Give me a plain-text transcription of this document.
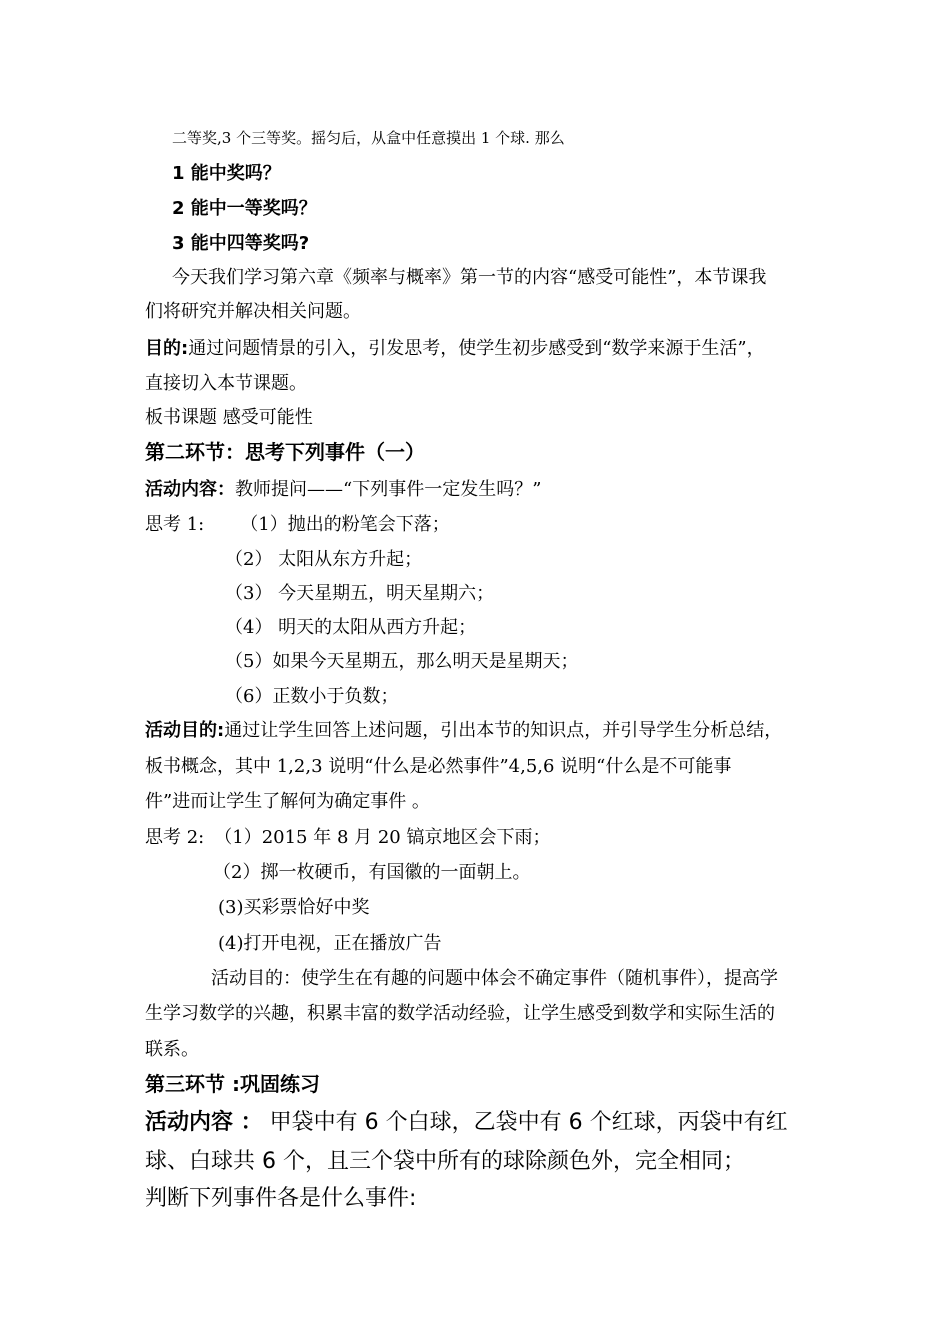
二等奖,3 个三等奖。摇匀后，从盒中任意摸出 1 个球. 那么
1 能中奖吗？
2 能中一等奖吗？
3 能中四等奖吗?
今天我们学习第六章《频率与概率》第一节的内容“感受可能性”，本节课我
们将研究并解决相关问题。
目的:通过问题情景的引入，引发思考，使学生初步感受到“数学来源于生活”，
直接切入本节课题。
板书课题 感受可能性
第二环节：思考下列事件（一）
活动内容：教师提问——“下列事件一定发生吗？”
思考 1: （1）抛出的粉笔会下落；
（2） 太阳从东方升起；
（3） 今天星期五，明天星期六；
（4） 明天的太阳从西方升起；
（5）如果今天星期五，那么明天是星期天；
（6）正数小于负数；
活动目的:通过让学生回答上述问题，引出本节的知识点，并引导学生分析总结，
板书概念，其中 1,2,3 说明“什么是必然事件”4,5,6 说明“什么是不可能事
件”进而让学生了解何为确定事件 。
思考 2: （1）2015 年 8 月 20 镐京地区会下雨；
（2）掷一枚硬币，有国徽的一面朝上。
(3)买彩票恰好中奖
(4)打开电视，正在播放广告
活动目的：使学生在有趣的问题中体会不确定事件（随机事件），提高学
生学习数学的兴趣，积累丰富的数学活动经验，让学生感受到数学和实际生活的
联系。
第三环节 :巩固练习
活动内容 ： 甲袋中有 6 个白球，乙袋中有 6 个红球，丙袋中有红
球、白球共 6 个，且三个袋中所有的球除颜色外，完全相同；
判断下列事件各是什么事件:
